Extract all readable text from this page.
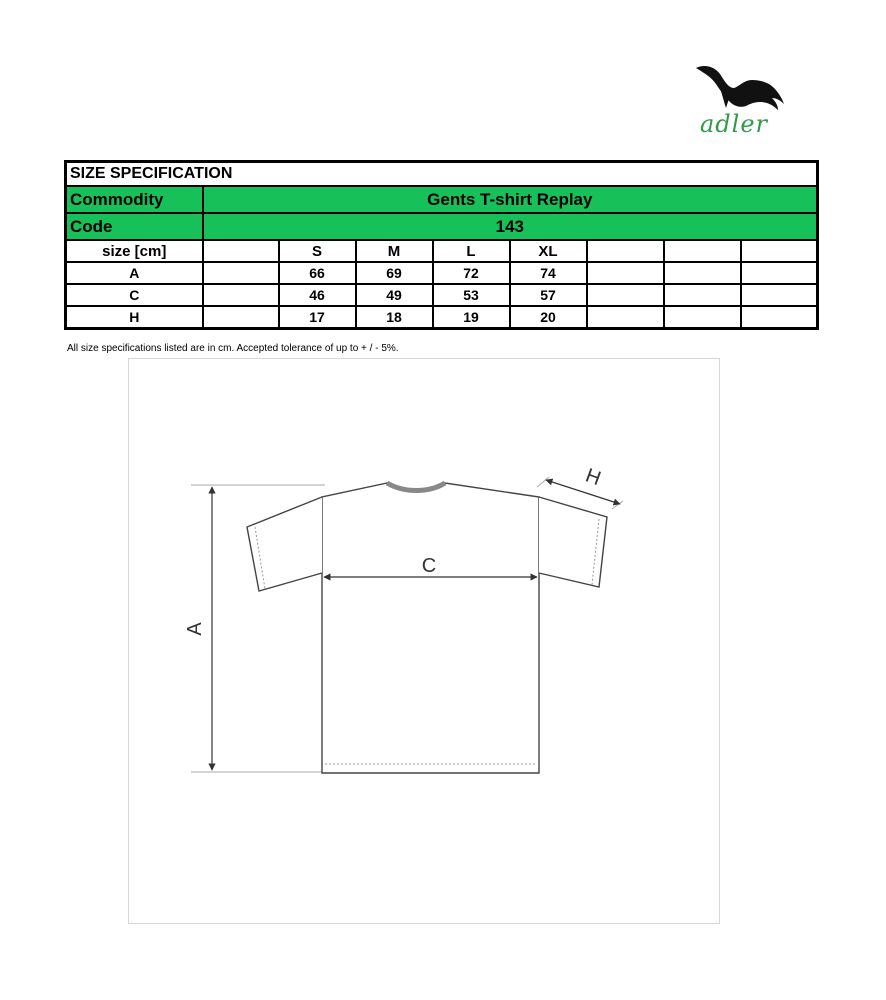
adler
SIZE SPECIFICATION								
Commodity	Gents T-shirt Replay							
Code	143							
size [cm]		S	M	L	XL			
A		66	69	72	74			
C		46	49	53	57			
H		17	18	19	20			
All size specifications listed are in cm. Accepted tolerance of up to + / - 5%.
A
C
H
